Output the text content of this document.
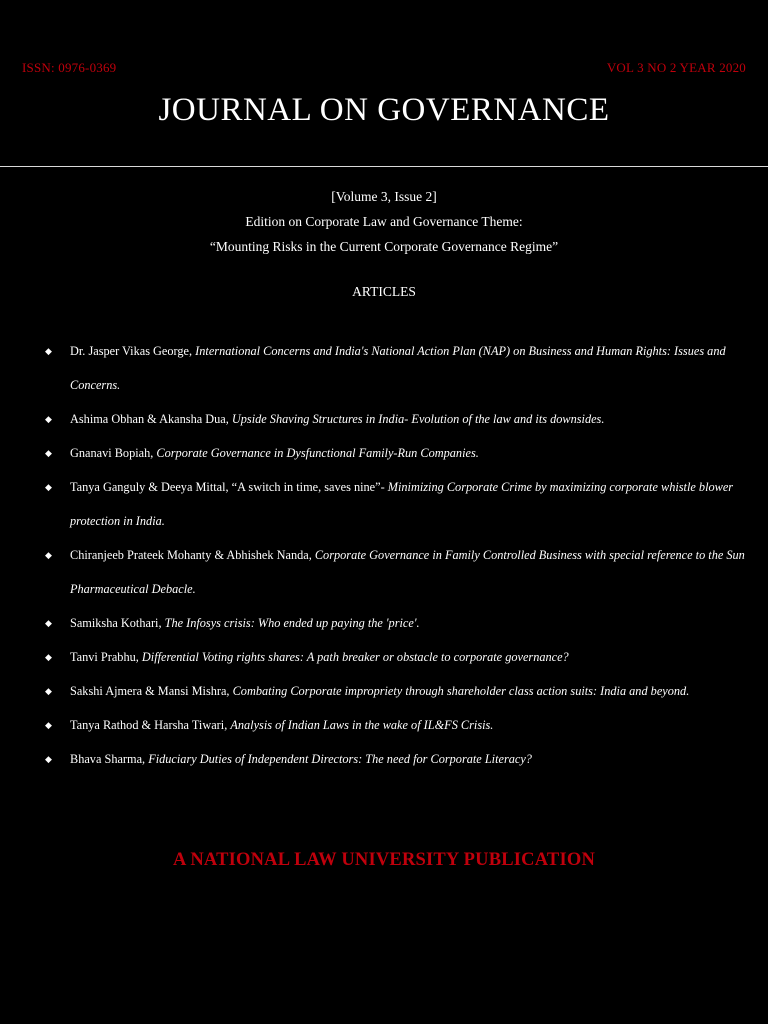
ISSN: 0976-0369	VOL 3 NO 2 YEAR 2020
JOURNAL ON GOVERNANCE
[Volume 3, Issue 2]
Edition on Corporate Law and Governance Theme:
“Mounting Risks in the Current Corporate Governance Regime”
ARTICLES
◆ Dr. Jasper Vikas George, International Concerns and India's National Action Plan (NAP) on Business and Human Rights: Issues and Concerns.
◆ Ashima Obhan & Akansha Dua, Upside Shaving Structures in India- Evolution of the law and its downsides.
◆ Gnanavi Bopiah, Corporate Governance in Dysfunctional Family-Run Companies.
◆ Tanya Ganguly & Deeya Mittal, “A switch in time, saves nine”- Minimizing Corporate Crime by maximizing corporate whistle blower protection in India.
◆ Chiranjeeb Prateek Mohanty & Abhishek Nanda, Corporate Governance in Family Controlled Business with special reference to the Sun Pharmaceutical Debacle.
◆ Samiksha Kothari, The Infosys crisis: Who ended up paying the 'price'.
◆ Tanvi Prabhu, Differential Voting rights shares: A path breaker or obstacle to corporate governance?
◆ Sakshi Ajmera & Mansi Mishra, Combating Corporate impropriety through shareholder class action suits: India and beyond.
◆ Tanya Rathod & Harsha Tiwari, Analysis of Indian Laws in the wake of IL&FS Crisis.
◆ Bhava Sharma, Fiduciary Duties of Independent Directors: The need for Corporate Literacy?
A NATIONAL LAW UNIVERSITY PUBLICATION
